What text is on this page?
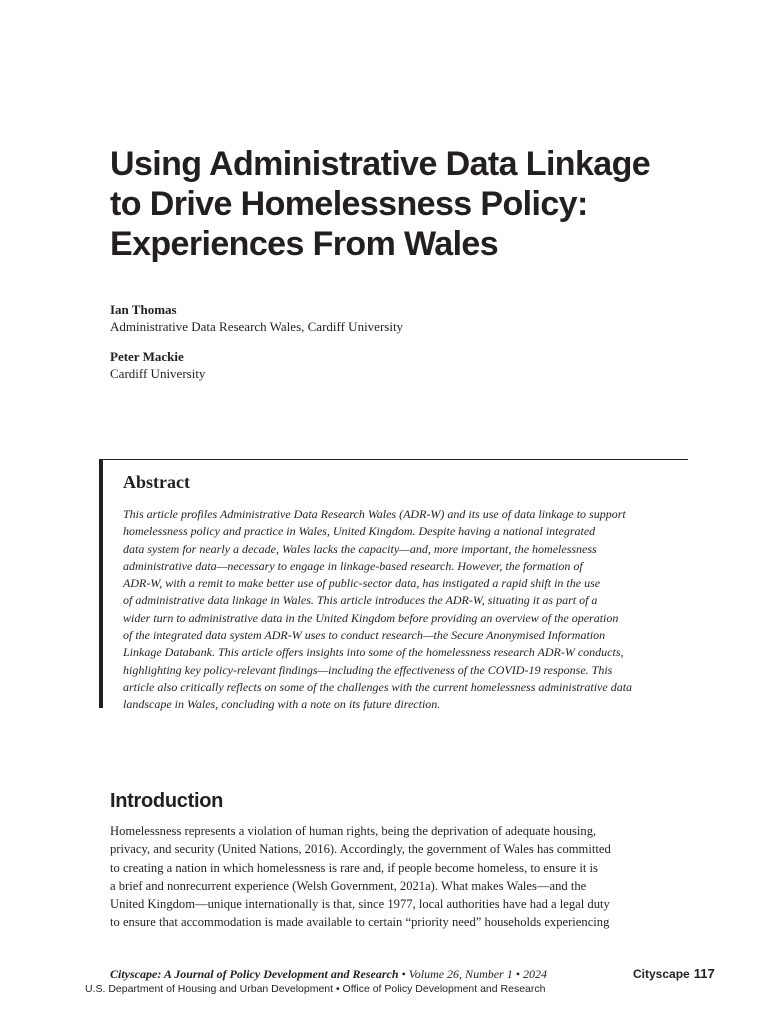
Using Administrative Data Linkage
to Drive Homelessness Policy:
Experiences From Wales
Ian Thomas
Administrative Data Research Wales, Cardiff University
Peter Mackie
Cardiff University
Abstract
This article profiles Administrative Data Research Wales (ADR-W) and its use of data linkage to support
homelessness policy and practice in Wales, United Kingdom. Despite having a national integrated
data system for nearly a decade, Wales lacks the capacity—and, more important, the homelessness
administrative data—necessary to engage in linkage-based research. However, the formation of
ADR-W, with a remit to make better use of public-sector data, has instigated a rapid shift in the use
of administrative data linkage in Wales. This article introduces the ADR-W, situating it as part of a
wider turn to administrative data in the United Kingdom before providing an overview of the operation
of the integrated data system ADR-W uses to conduct research—the Secure Anonymised Information
Linkage Databank. This article offers insights into some of the homelessness research ADR-W conducts,
highlighting key policy-relevant findings—including the effectiveness of the COVID-19 response. This
article also critically reflects on some of the challenges with the current homelessness administrative data
landscape in Wales, concluding with a note on its future direction.
Introduction
Homelessness represents a violation of human rights, being the deprivation of adequate housing,
privacy, and security (United Nations, 2016). Accordingly, the government of Wales has committed
to creating a nation in which homelessness is rare and, if people become homeless, to ensure it is
a brief and nonrecurrent experience (Welsh Government, 2021a). What makes Wales—and the
United Kingdom—unique internationally is that, since 1977, local authorities have had a legal duty
to ensure that accommodation is made available to certain “priority need” households experiencing
Cityscape: A Journal of Policy Development and Research • Volume 26, Number 1 • 2024
U.S. Department of Housing and Urban Development • Office of Policy Development and Research
Cityscape 117
